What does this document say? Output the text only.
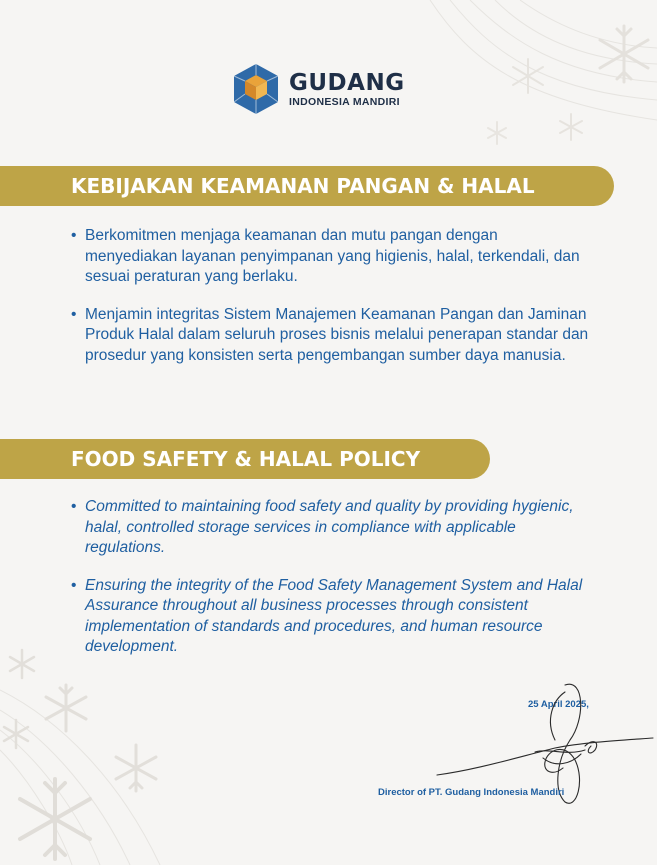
GUDANG
INDONESIA MANDIRI
KEBIJAKAN KEAMANAN PANGAN & HALAL
• Berkomitmen menjaga keamanan dan mutu pangan dengan menyediakan layanan penyimpanan yang higienis, halal, terkendali, dan sesuai peraturan yang berlaku.
• Menjamin integritas Sistem Manajemen Keamanan Pangan dan Jaminan Produk Halal dalam seluruh proses bisnis melalui penerapan standar dan prosedur yang konsisten serta pengembangan sumber daya manusia.
FOOD SAFETY & HALAL POLICY
• Committed to maintaining food safety and quality by providing hygienic, halal, controlled storage services in compliance with applicable regulations.
• Ensuring the integrity of the Food Safety Management System and Halal Assurance throughout all business processes through consistent implementation of standards and procedures, and human resource development.
25 April 2025,
Director of PT. Gudang Indonesia Mandiri
